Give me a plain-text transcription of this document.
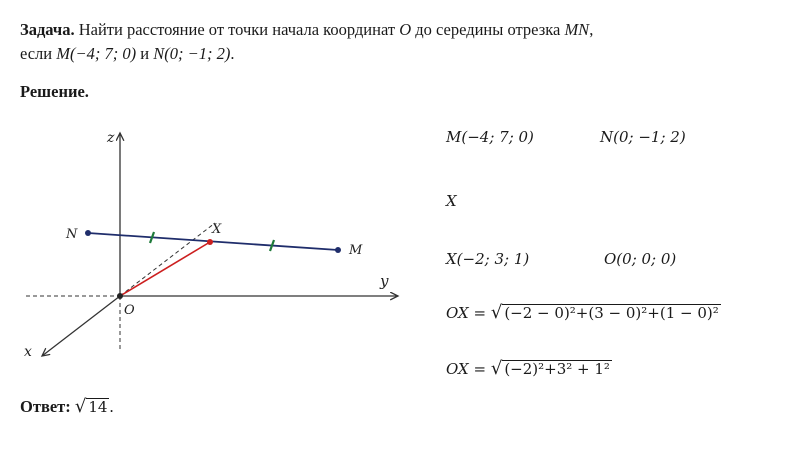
Задача. Найти расстояние от точки начала координат O до середины отрезка MN,
если M(−4; 7; 0) и N(0; −1; 2).
Решение.
z
y
x
O
N
M
X
M(−4; 7; 0)	N(0; −1; 2)
X
X(−2; 3; 1)	O(0; 0; 0)
OX = √ (−2 − 0)²+(3 − 0)²+(1 − 0)²
OX = √ (−2)²+3² + 1²
Ответ: √ 14 .
